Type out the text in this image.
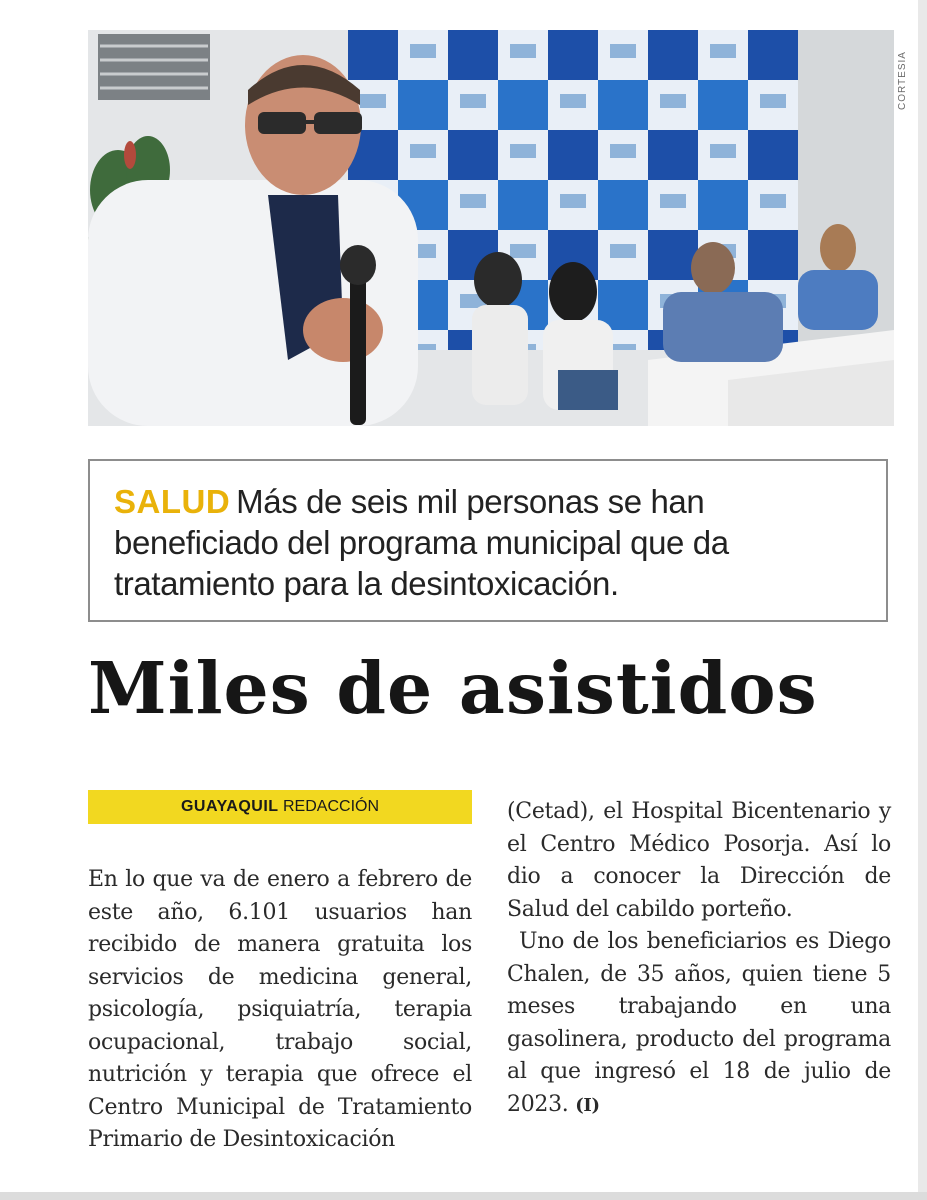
CORTESIA
SALUD Más de seis mil personas se han beneficiado del programa municipal que da tratamiento para la desintoxicación.
Miles de asistidos
GUAYAQUIL REDACCIÓN

En lo que va de enero a febrero de este año, 6.101 usuarios han recibido de manera gratuita los servicios de medicina general, psicología, psiquiatría, terapia ocupacional, trabajo social, nutrición y terapia que ofrece el Centro Municipal de Tratamiento Primario de Desintoxicación

(Cetad), el Hospital Bicentenario y el Centro Médico Posorja. Así lo dio a conocer la Dirección de Salud del cabildo porteño.

Uno de los beneficiarios es Diego Chalen, de 35 años, quien tiene 5 meses trabajando en una gasolinera, producto del programa al que ingresó el 18 de julio de 2023. (I)
